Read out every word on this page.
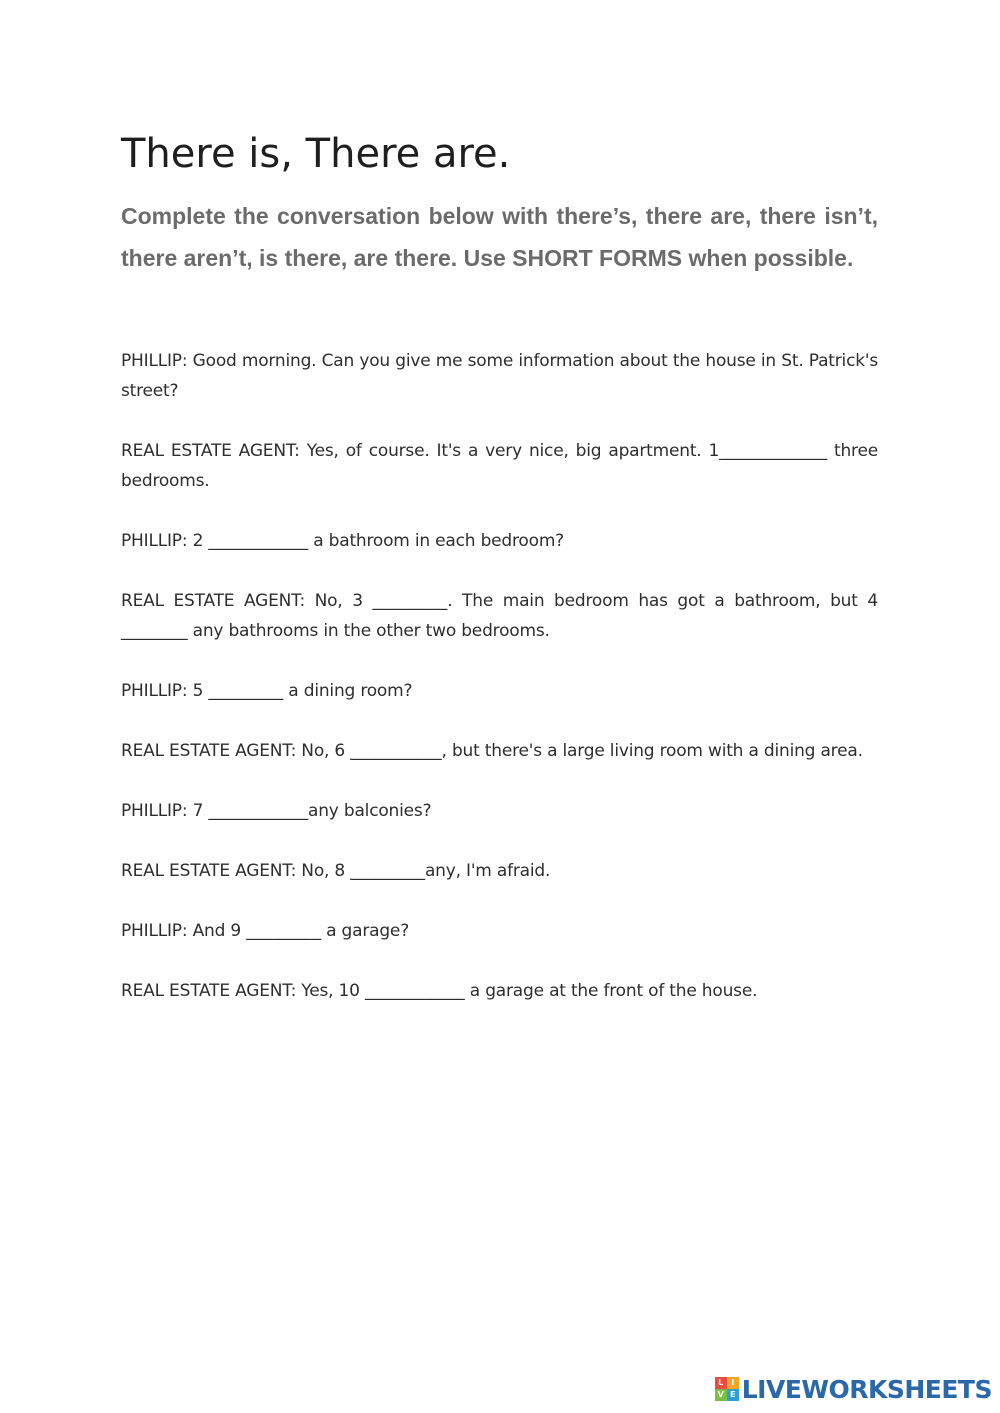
There is, There are.

Complete the conversation below with there’s, there are, there isn’t, there aren’t, is there, are there. Use SHORT FORMS when possible.

PHILLIP: Good morning. Can you give me some information about the house in St. Patrick's street?

REAL ESTATE AGENT: Yes, of course. It's a very nice, big apartment. 1_____________ three bedrooms.

PHILLIP: 2 ____________ a bathroom in each bedroom?

REAL ESTATE AGENT: No, 3 _________. The main bedroom has got a bathroom, but 4 ________ any bathrooms in the other two bedrooms.

PHILLIP: 5 _________ a dining room?

REAL ESTATE AGENT: No, 6 ___________, but there's a large living room with a dining area.

PHILLIP: 7 ____________any balconies?

REAL ESTATE AGENT: No, 8 _________any, I'm afraid.

PHILLIP: And 9 _________ a garage?

REAL ESTATE AGENT: Yes, 10 ____________ a garage at the front of the house.

L I
V E LIVEWORKSHEETS
